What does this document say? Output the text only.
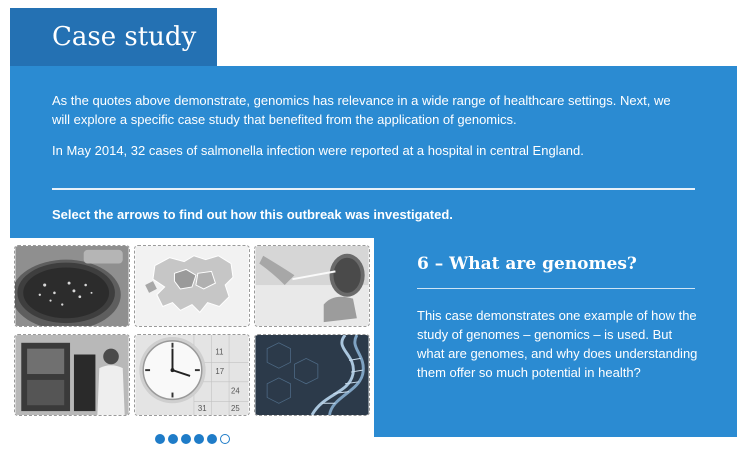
Case study

As the quotes above demonstrate, genomics has relevance in a wide range of healthcare settings. Next, we will explore a specific case study that benefited from the application of genomics.

In May 2014, 32 cases of salmonella infection were reported at a hospital in central England.

Select the arrows to find out how this outbreak was investigated.
11
17
24
25
31
6 – What are genomes?
This case demonstrates one example of how the study of genomes – genomics – is used. But what are genomes, and why does understanding them offer so much potential in health?
